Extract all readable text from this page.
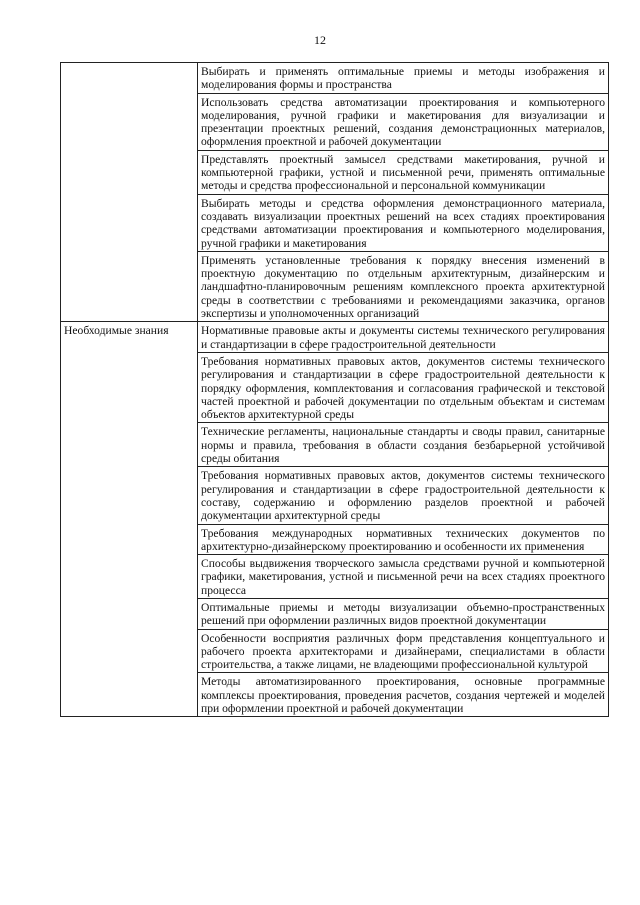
12
	Выбирать и применять оптимальные приемы и методы изображения и моделирования формы и пространства
	Использовать средства автоматизации проектирования и компьютерного моделирования, ручной графики и макетирования для визуализации и презентации проектных решений, создания демонстрационных материалов, оформления проектной и рабочей документации
	Представлять проектный замысел средствами макетирования, ручной и компьютерной графики, устной и письменной речи, применять оптимальные методы и средства профессиональной и персональной коммуникации
	Выбирать методы и средства оформления демонстрационного материала, создавать визуализации проектных решений на всех стадиях проектирования средствами автоматизации проектирования и компьютерного моделирования, ручной графики и макетирования
	Применять установленные требования к порядку внесения изменений в проектную документацию по отдельным архитектурным, дизайнерским и ландшафтно-планировочным решениям комплексного проекта архитектурной среды в соответствии с требованиями и рекомендациями заказчика, органов экспертизы и уполномоченных организаций
Необходимые знания	Нормативные правовые акты и документы системы технического регулирования и стандартизации в сфере градостроительной деятельности
	Требования нормативных правовых актов, документов системы технического регулирования и стандартизации в сфере градостроительной деятельности к порядку оформления, комплектования и согласования графической и текстовой частей проектной и рабочей документации по отдельным объектам и системам объектов архитектурной среды
	Технические регламенты, национальные стандарты и своды правил, санитарные нормы и правила, требования в области создания безбарьерной устойчивой среды обитания
	Требования нормативных правовых актов, документов системы технического регулирования и стандартизации в сфере градостроительной деятельности к составу, содержанию и оформлению разделов проектной и рабочей документации архитектурной среды
	Требования международных нормативных технических документов по архитектурно-дизайнерскому проектированию и особенности их применения
	Способы выдвижения творческого замысла средствами ручной и компьютерной графики, макетирования, устной и письменной речи на всех стадиях проектного процесса
	Оптимальные приемы и методы визуализации объемно-пространственных решений при оформлении различных видов проектной документации
	Особенности восприятия различных форм представления концептуального и рабочего проекта архитекторами и дизайнерами, специалистами в области строительства, а также лицами, не владеющими профессиональной культурой
	Методы автоматизированного проектирования, основные программные комплексы проектирования, проведения расчетов, создания чертежей и моделей при оформлении проектной и рабочей документации
